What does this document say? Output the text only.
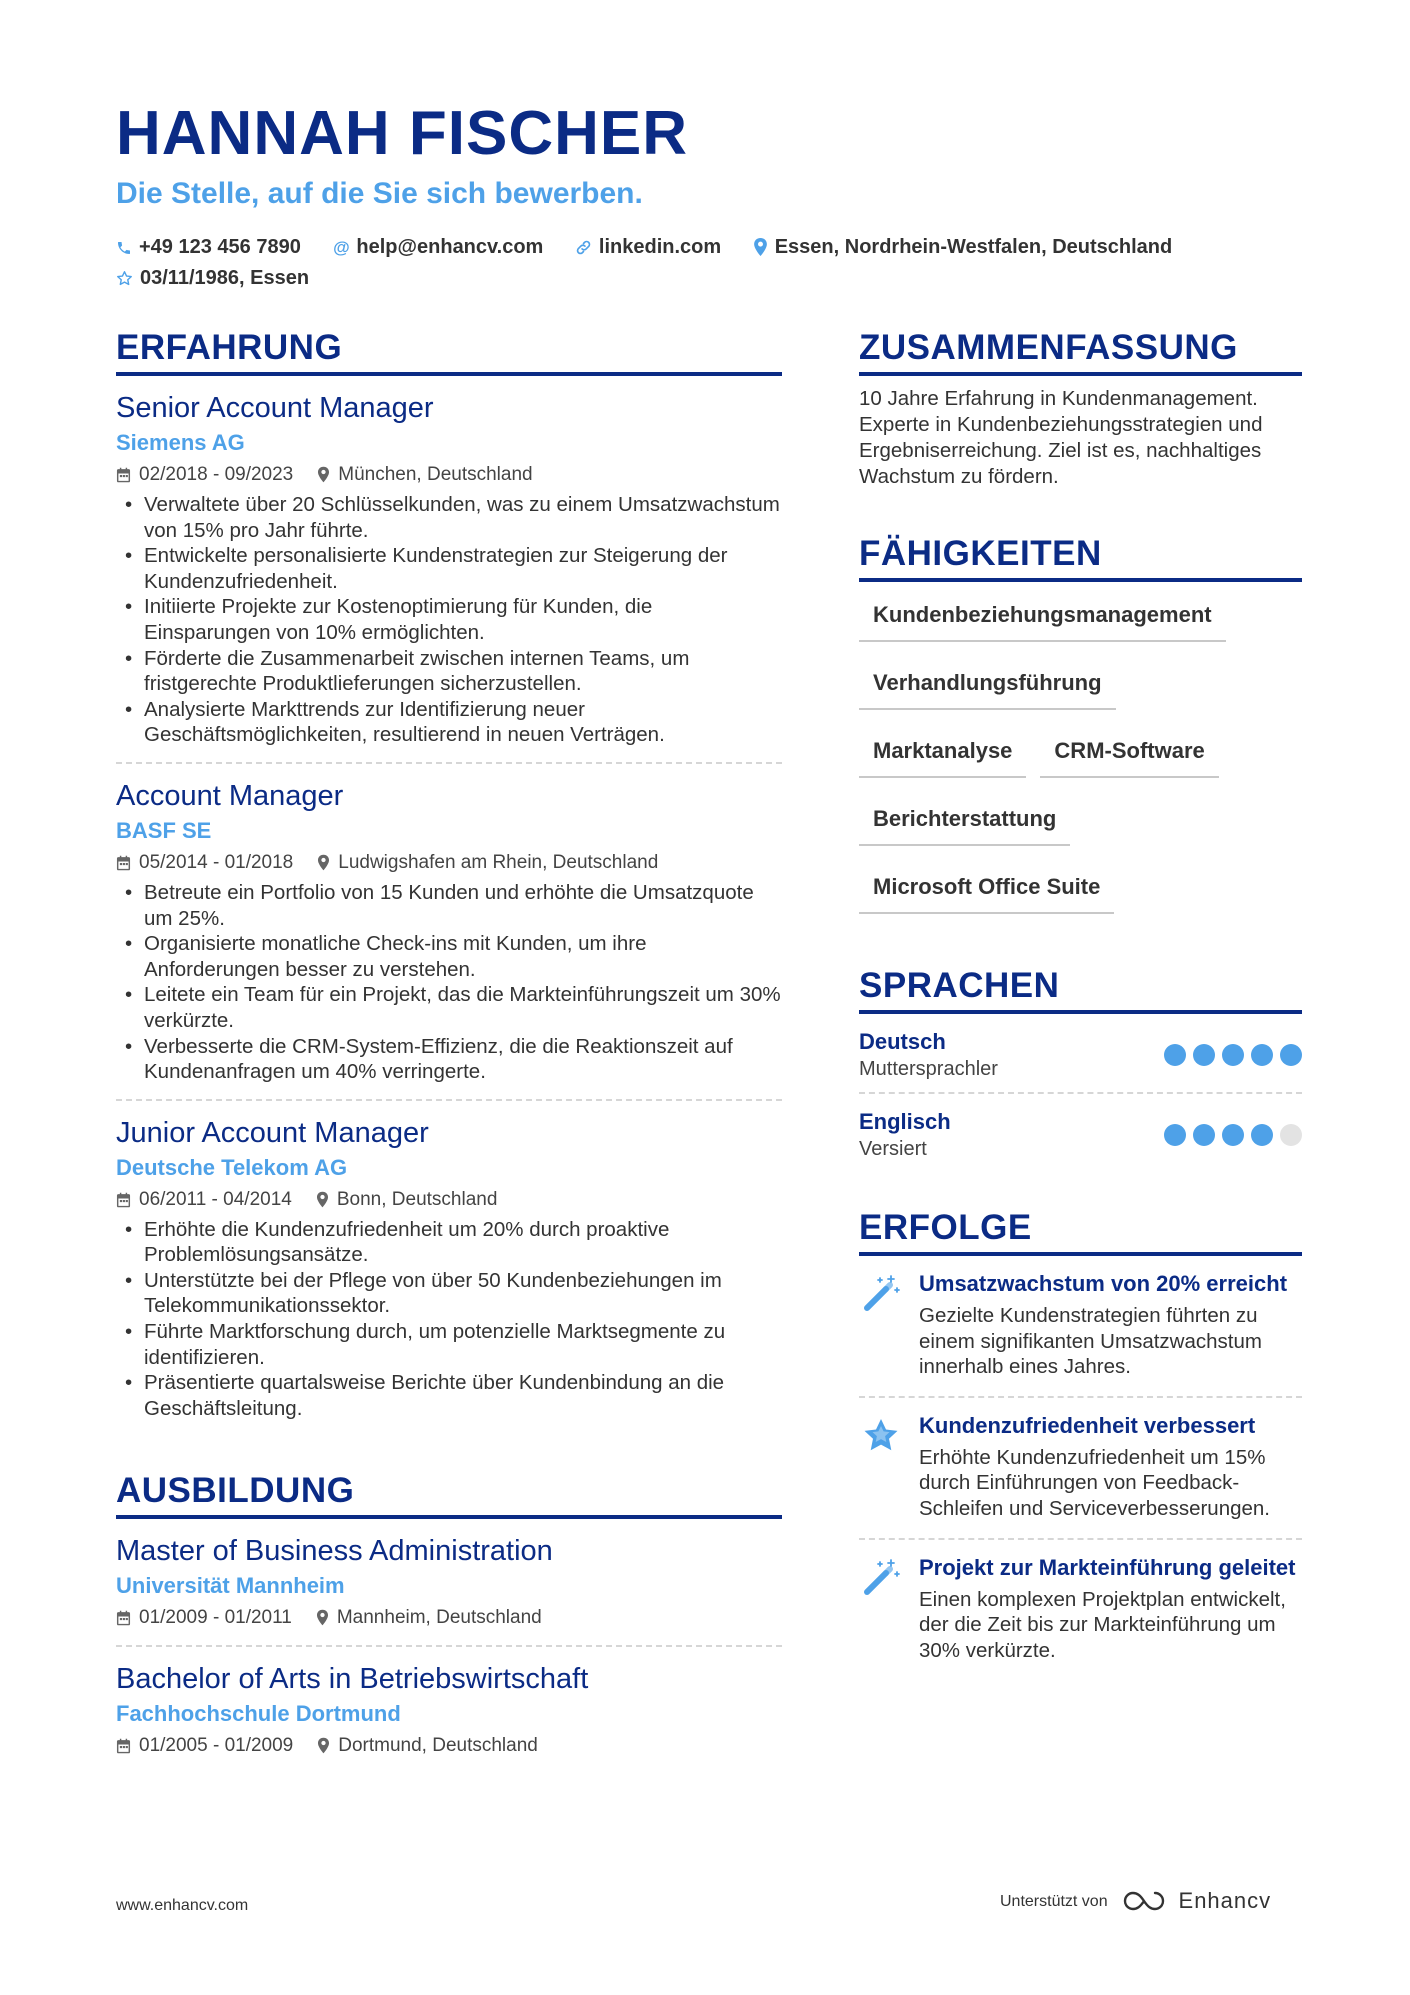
HANNAH FISCHER
Die Stelle, auf die Sie sich bewerben.
+49 123 456 7890 @ help@enhancv.com	linkedin.com	Essen, Nordrhein-Westfalen, Deutschland
03/11/1986, Essen
ERFAHRUNG
Senior Account Manager
Siemens AG
02/2018 - 09/2023 München, Deutschland
• Verwaltete über 20 Schlüsselkunden, was zu einem Umsatzwachstum von 15% pro Jahr führte.
• Entwickelte personalisierte Kundenstrategien zur Steigerung der Kundenzufriedenheit.
• Initiierte Projekte zur Kostenoptimierung für Kunden, die Einsparungen von 10% ermöglichten.
• Förderte die Zusammenarbeit zwischen internen Teams, um fristgerechte Produktlieferungen sicherzustellen.
• Analysierte Markttrends zur Identifizierung neuer Geschäftsmöglichkeiten, resultierend in neuen Verträgen.
Account Manager
BASF SE
05/2014 - 01/2018 Ludwigshafen am Rhein, Deutschland
• Betreute ein Portfolio von 15 Kunden und erhöhte die Umsatzquote um 25%.
• Organisierte monatliche Check-ins mit Kunden, um ihre Anforderungen besser zu verstehen.
• Leitete ein Team für ein Projekt, das die Markteinführungszeit um 30% verkürzte.
• Verbesserte die CRM-System-Effizienz, die die Reaktionszeit auf Kundenanfragen um 40% verringerte.
Junior Account Manager
Deutsche Telekom AG
06/2011 - 04/2014 Bonn, Deutschland
• Erhöhte die Kundenzufriedenheit um 20% durch proaktive Problemlösungsansätze.
• Unterstützte bei der Pflege von über 50 Kundenbeziehungen im Telekommunikationssektor.
• Führte Marktforschung durch, um potenzielle Marktsegmente zu identifizieren.
• Präsentierte quartalsweise Berichte über Kundenbindung an die Geschäftsleitung.
AUSBILDUNG
Master of Business Administration
Universität Mannheim
01/2009 - 01/2011 Mannheim, Deutschland
Bachelor of Arts in Betriebswirtschaft
Fachhochschule Dortmund
01/2005 - 01/2009 Dortmund, Deutschland
ZUSAMMENFASSUNG
10 Jahre Erfahrung in Kundenmanagement. Experte in Kundenbeziehungsstrategien und Ergebniserreichung. Ziel ist es, nachhaltiges Wachstum zu fördern.
FÄHIGKEITEN
Kundenbeziehungsmanagement
Verhandlungsführung
Marktanalyse CRM-Software
Berichterstattung
Microsoft Office Suite

SPRACHEN
Deutsch
Muttersprachler
Englisch
Versiert
ERFOLGE
Umsatzwachstum von 20% erreicht
Gezielte Kundenstrategien führten zu einem signifikanten Umsatzwachstum innerhalb eines Jahres.
Kundenzufriedenheit verbessert
Erhöhte Kundenzufriedenheit um 15% durch Einführungen von Feedback-Schleifen und Serviceverbesserungen.
Projekt zur Markteinführung geleitet
Einen komplexen Projektplan entwickelt, der die Zeit bis zur Markteinführung um 30% verkürzte.
www.enhancv.com	Unterstützt von	Enhancv
